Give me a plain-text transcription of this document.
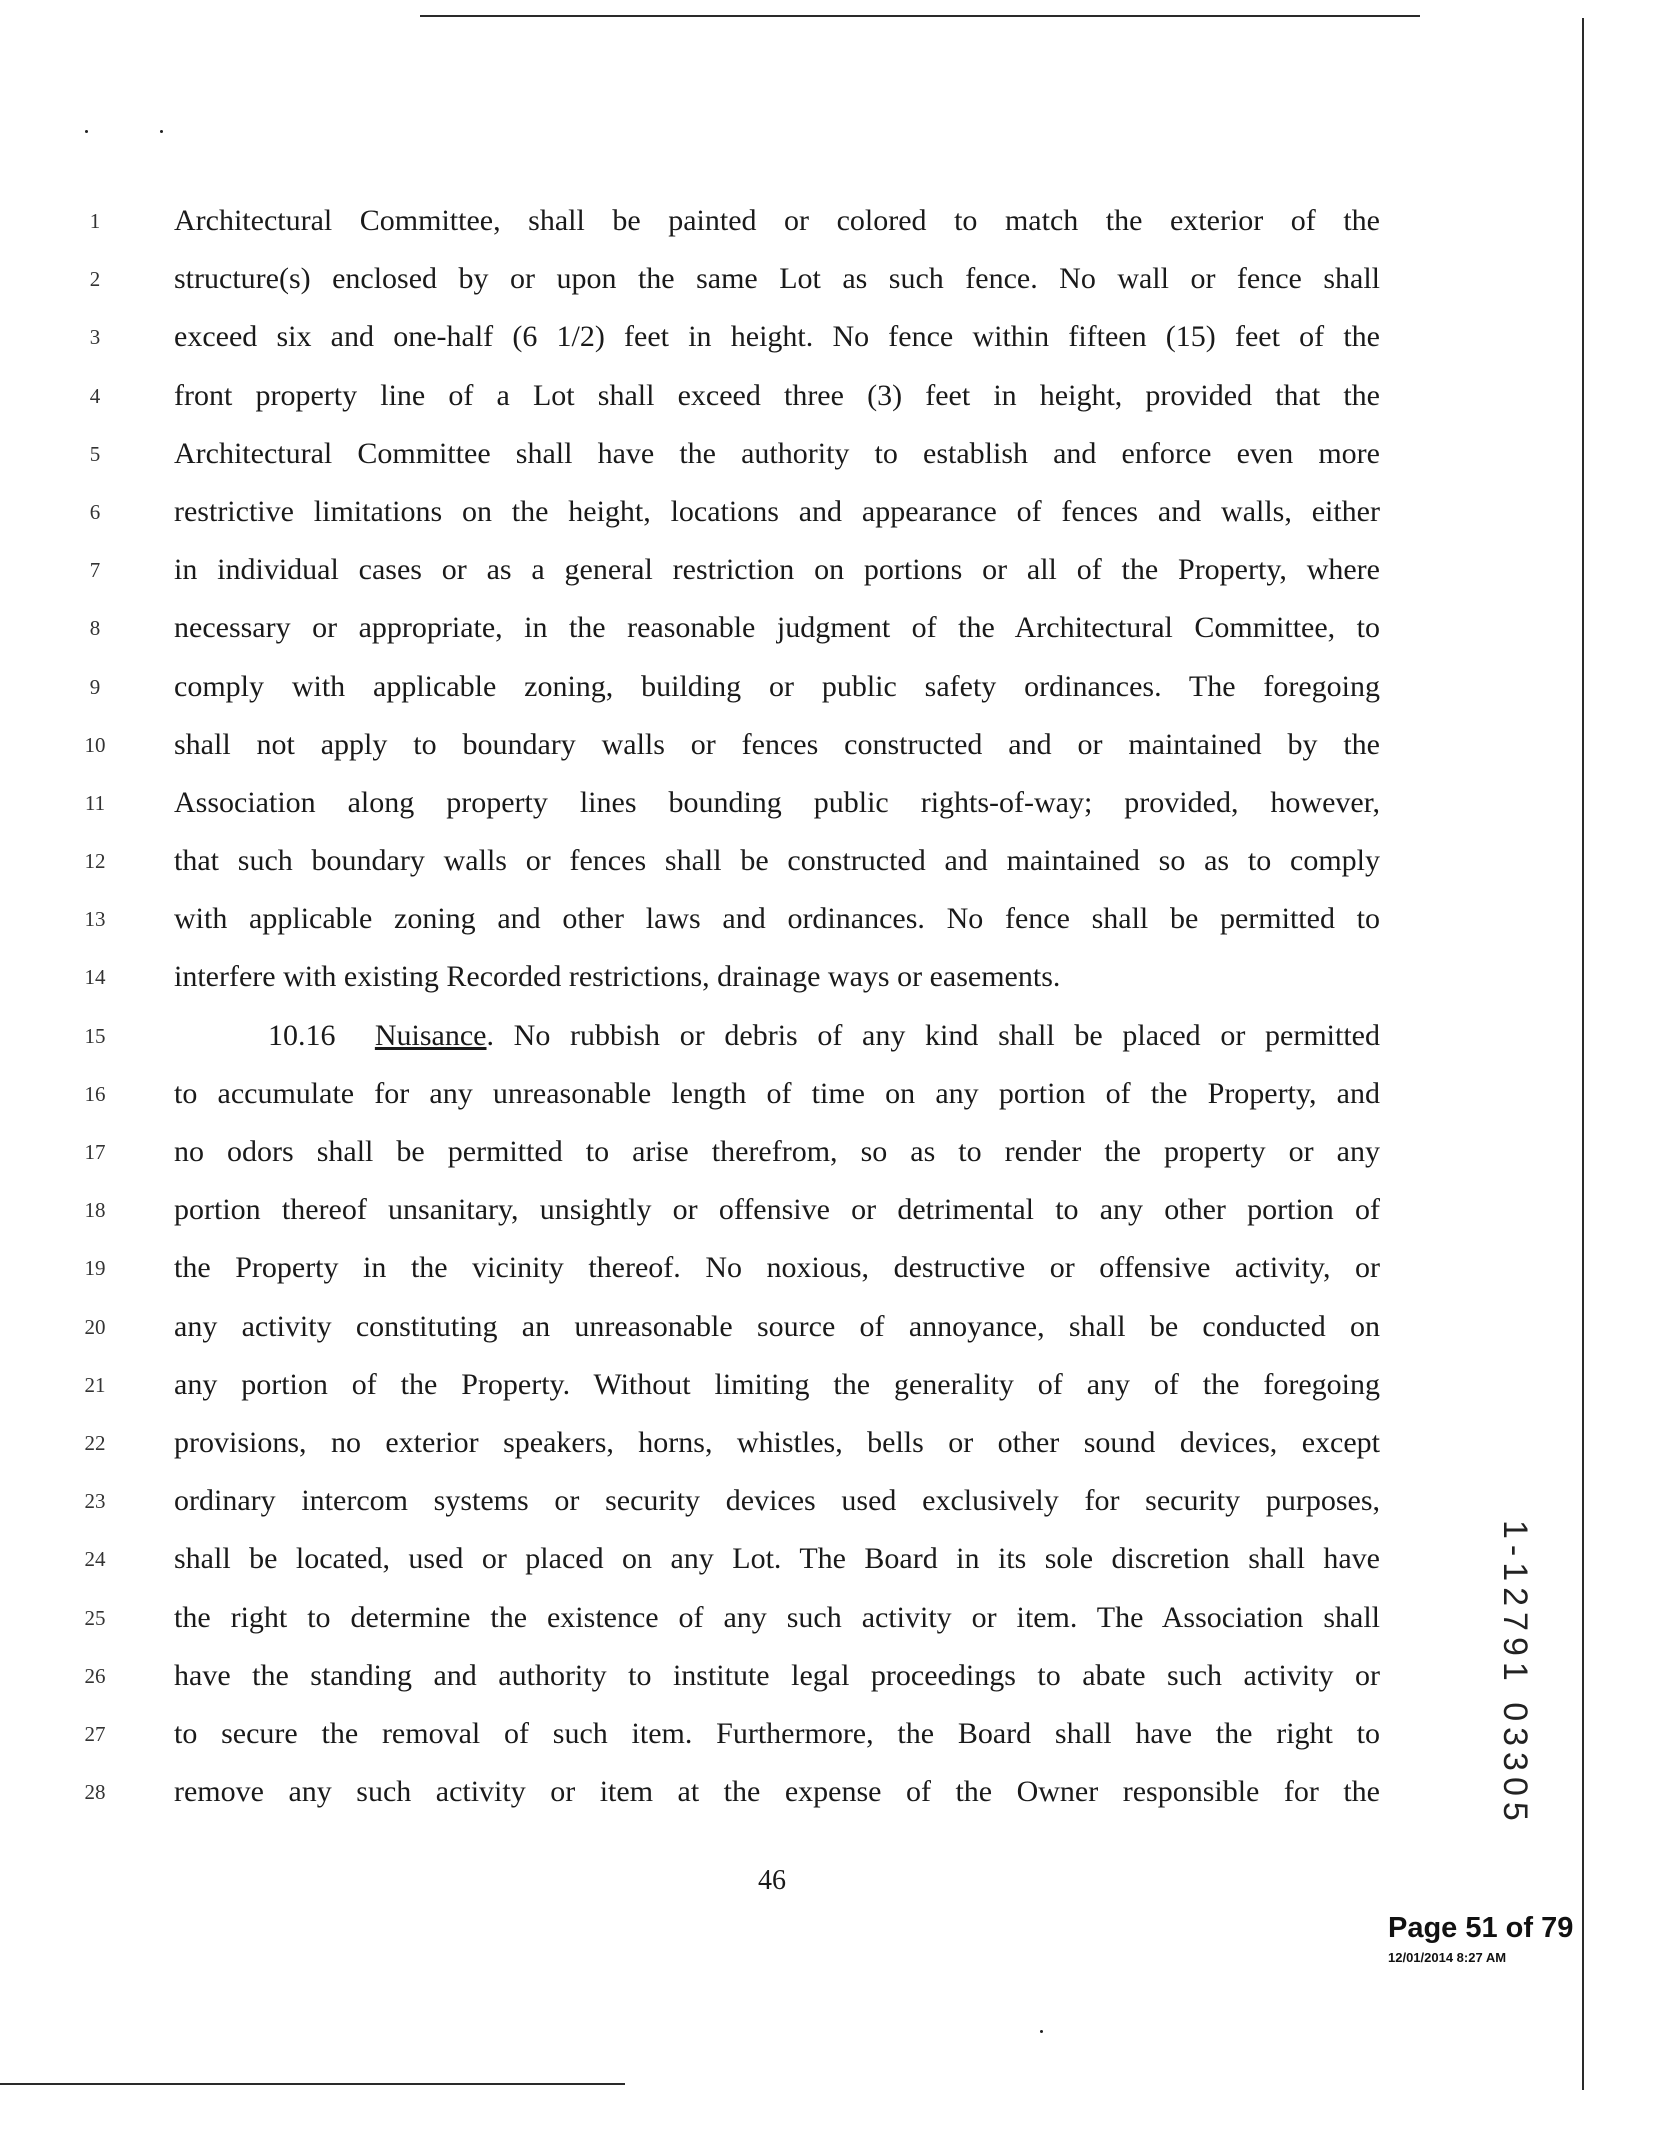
1
2
3
4
5
6
7
8
9
10
11
12
13
14
15
16
17
18
19
20
21
22
23
24
25
26
27
28
Architectural Committee, shall be painted or colored to match the exterior of the
structure(s) enclosed by or upon the same Lot as such fence. No wall or fence shall
exceed six and one-half (6 1/2) feet in height. No fence within fifteen (15) feet of the
front property line of a Lot shall exceed three (3) feet in height, provided that the
Architectural Committee shall have the authority to establish and enforce even more
restrictive limitations on the height, locations and appearance of fences and walls, either
in individual cases or as a general restriction on portions or all of the Property, where
necessary or appropriate, in the reasonable judgment of the Architectural Committee, to
comply with applicable zoning, building or public safety ordinances. The foregoing
shall not apply to boundary walls or fences constructed and or maintained by the
Association along property lines bounding public rights-of-way; provided, however,
that such boundary walls or fences shall be constructed and maintained so as to comply
with applicable zoning and other laws and ordinances. No fence shall be permitted to
interfere with existing Recorded restrictions, drainage ways or easements.
10.16 Nuisance. No rubbish or debris of any kind shall be placed or permitted
to accumulate for any unreasonable length of time on any portion of the Property, and
no odors shall be permitted to arise therefrom, so as to render the property or any
portion thereof unsanitary, unsightly or offensive or detrimental to any other portion of
the Property in the vicinity thereof. No noxious, destructive or offensive activity, or
any activity constituting an unreasonable source of annoyance, shall be conducted on
any portion of the Property. Without limiting the generality of any of the foregoing
provisions, no exterior speakers, horns, whistles, bells or other sound devices, except
ordinary intercom systems or security devices used exclusively for security purposes,
shall be located, used or placed on any Lot. The Board in its sole discretion shall have
the right to determine the existence of any such activity or item. The Association shall
have the standing and authority to institute legal proceedings to abate such activity or
to secure the removal of such item. Furthermore, the Board shall have the right to
remove any such activity or item at the expense of the Owner responsible for the
46
1-12791 03305
Page 51 of 79
12/01/2014 8:27 AM
